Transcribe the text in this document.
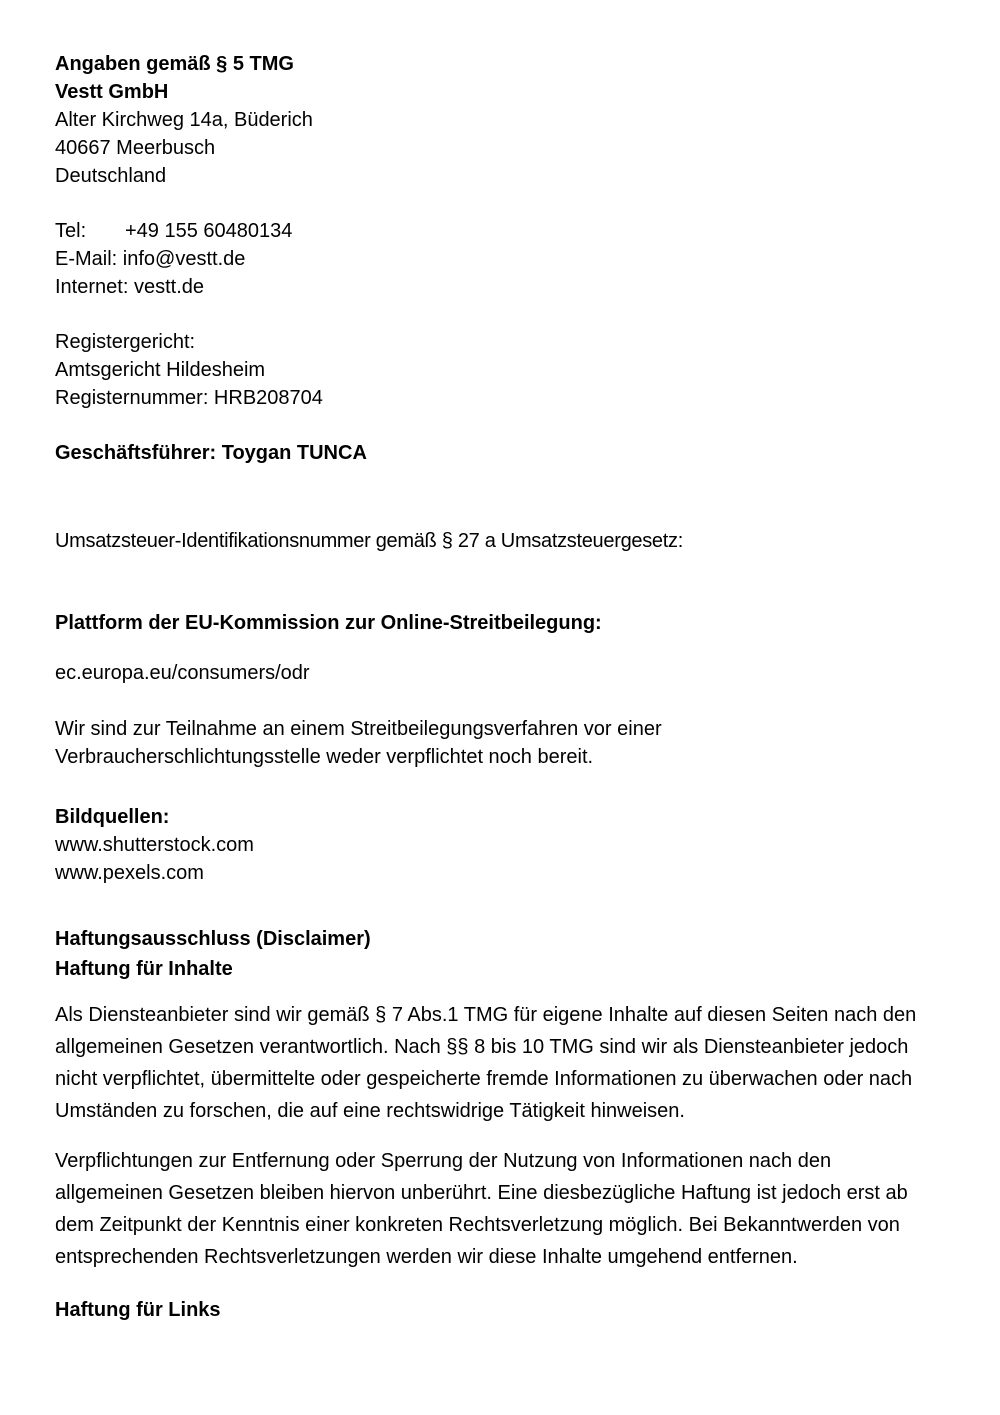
Angaben gemäß § 5 TMG
Vestt GmbH
Alter Kirchweg 14a, Büderich
40667 Meerbusch
Deutschland
Tel: +49 155 60480134
E-Mail: info@vestt.de
Internet: vestt.de
Registergericht:
Amtsgericht Hildesheim
Registernummer: HRB208704
Geschäftsführer: Toygan TUNCA
Umsatzsteuer-Identifikationsnummer gemäß § 27 a Umsatzsteuergesetz:
Plattform der EU-Kommission zur Online-Streitbeilegung:
ec.europa.eu/consumers/odr
Wir sind zur Teilnahme an einem Streitbeilegungsverfahren vor einer Verbraucherschlichtungsstelle weder verpflichtet noch bereit.
Bildquellen:
www.shutterstock.com
www.pexels.com
Haftungsausschluss (Disclaimer)
Haftung für Inhalte

Als Diensteanbieter sind wir gemäß § 7 Abs.1 TMG für eigene Inhalte auf diesen Seiten nach den allgemeinen Gesetzen verantwortlich. Nach §§ 8 bis 10 TMG sind wir als Diensteanbieter jedoch nicht verpflichtet, übermittelte oder gespeicherte fremde Informationen zu überwachen oder nach Umständen zu forschen, die auf eine rechtswidrige Tätigkeit hinweisen.

Verpflichtungen zur Entfernung oder Sperrung der Nutzung von Informationen nach den allgemeinen Gesetzen bleiben hiervon unberührt. Eine diesbezügliche Haftung ist jedoch erst ab dem Zeitpunkt der Kenntnis einer konkreten Rechtsverletzung möglich. Bei Bekanntwerden von entsprechenden Rechtsverletzungen werden wir diese Inhalte umgehend entfernen.

Haftung für Links
